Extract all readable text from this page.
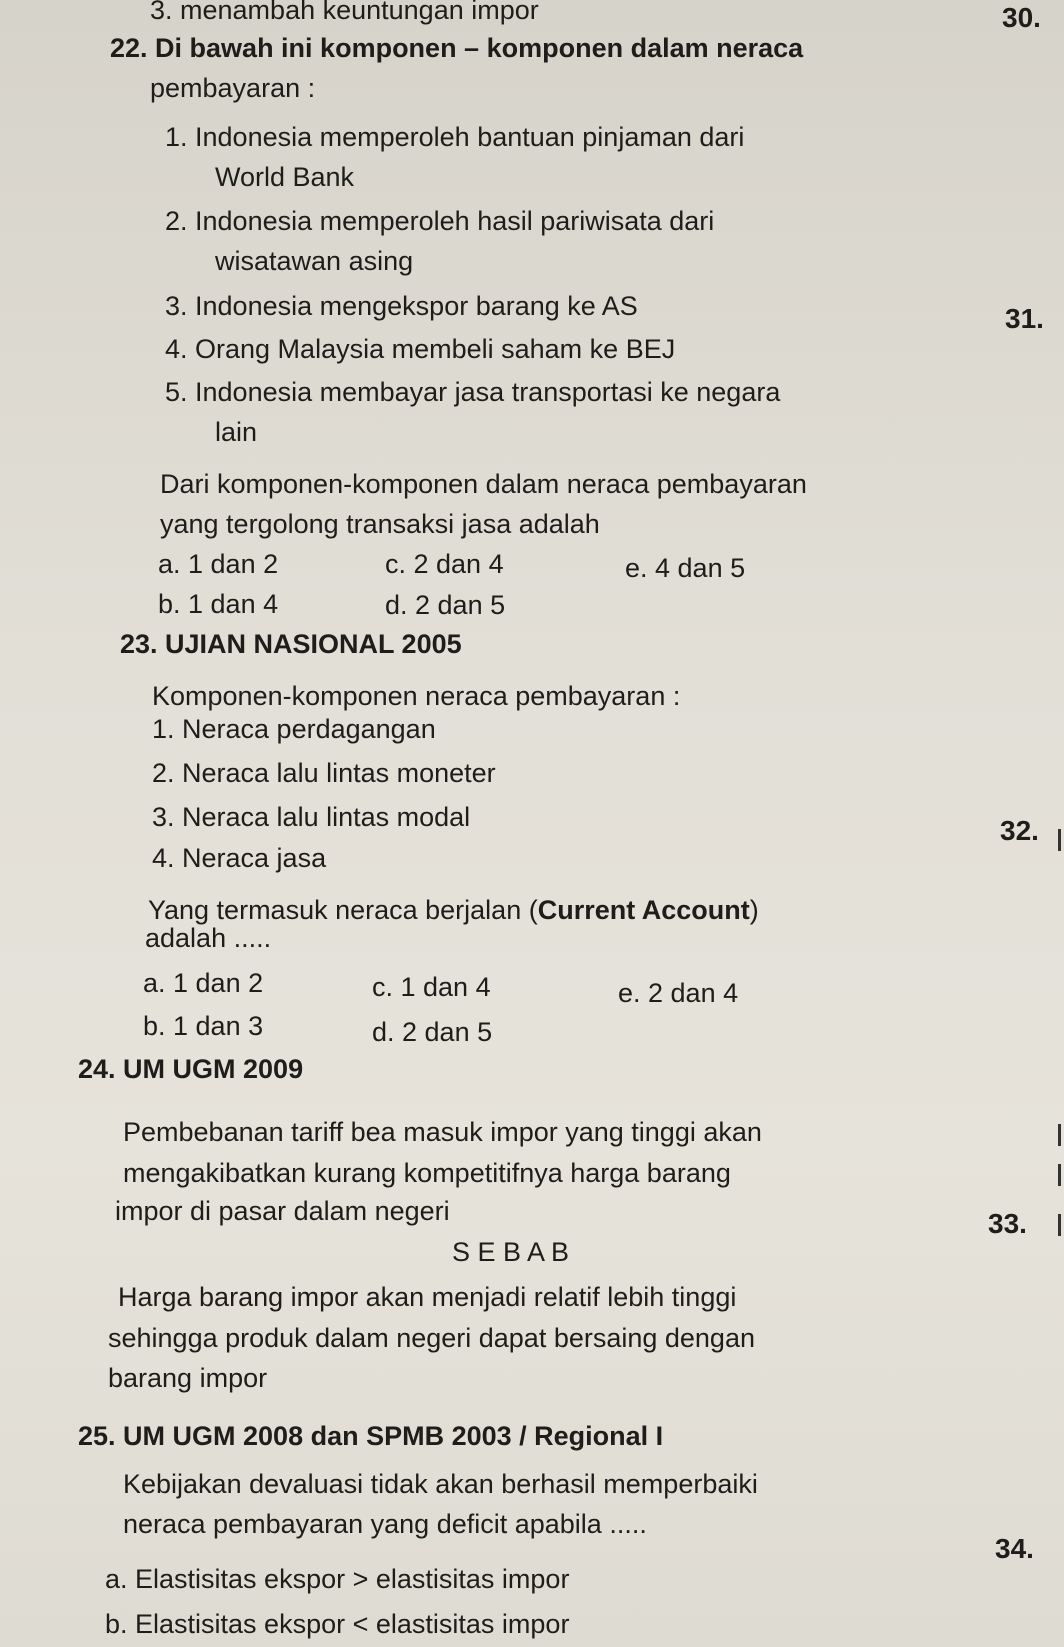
3. menambah keuntungan impor	30.
22. Di bawah ini komponen – komponen dalam neraca
pembayaran :
1. Indonesia memperoleh bantuan pinjaman dari
World Bank
2. Indonesia memperoleh hasil pariwisata dari
wisatawan asing
3. Indonesia mengekspor barang ke AS
4. Orang Malaysia membeli saham ke BEJ
5. Indonesia membayar jasa transportasi ke negara
lain
31.
Dari komponen-komponen dalam neraca pembayaran
yang tergolong transaksi jasa adalah
a. 1 dan 2	c. 2 dan 4	e. 4 dan 5
b. 1 dan 4	d. 2 dan 5
23. UJIAN NASIONAL 2005
Komponen-komponen neraca pembayaran :
1. Neraca perdagangan
2. Neraca lalu lintas moneter
3. Neraca lalu lintas modal
4. Neraca jasa
32.
Yang termasuk neraca berjalan (Current Account)
adalah .....
a. 1 dan 2	c. 1 dan 4	e. 2 dan 4
b. 1 dan 3	d. 2 dan 5
24. UM UGM 2009
Pembebanan tariff bea masuk impor yang tinggi akan
mengakibatkan kurang kompetitifnya harga barang
impor di pasar dalam negeri	33.
S E B A B
Harga barang impor akan menjadi relatif lebih tinggi
sehingga produk dalam negeri dapat bersaing dengan
barang impor
25. UM UGM 2008 dan SPMB 2003 / Regional I
Kebijakan devaluasi tidak akan berhasil memperbaiki
neraca pembayaran yang deficit apabila .....
34.
a. Elastisitas ekspor > elastisitas impor
b. Elastisitas ekspor < elastisitas impor
